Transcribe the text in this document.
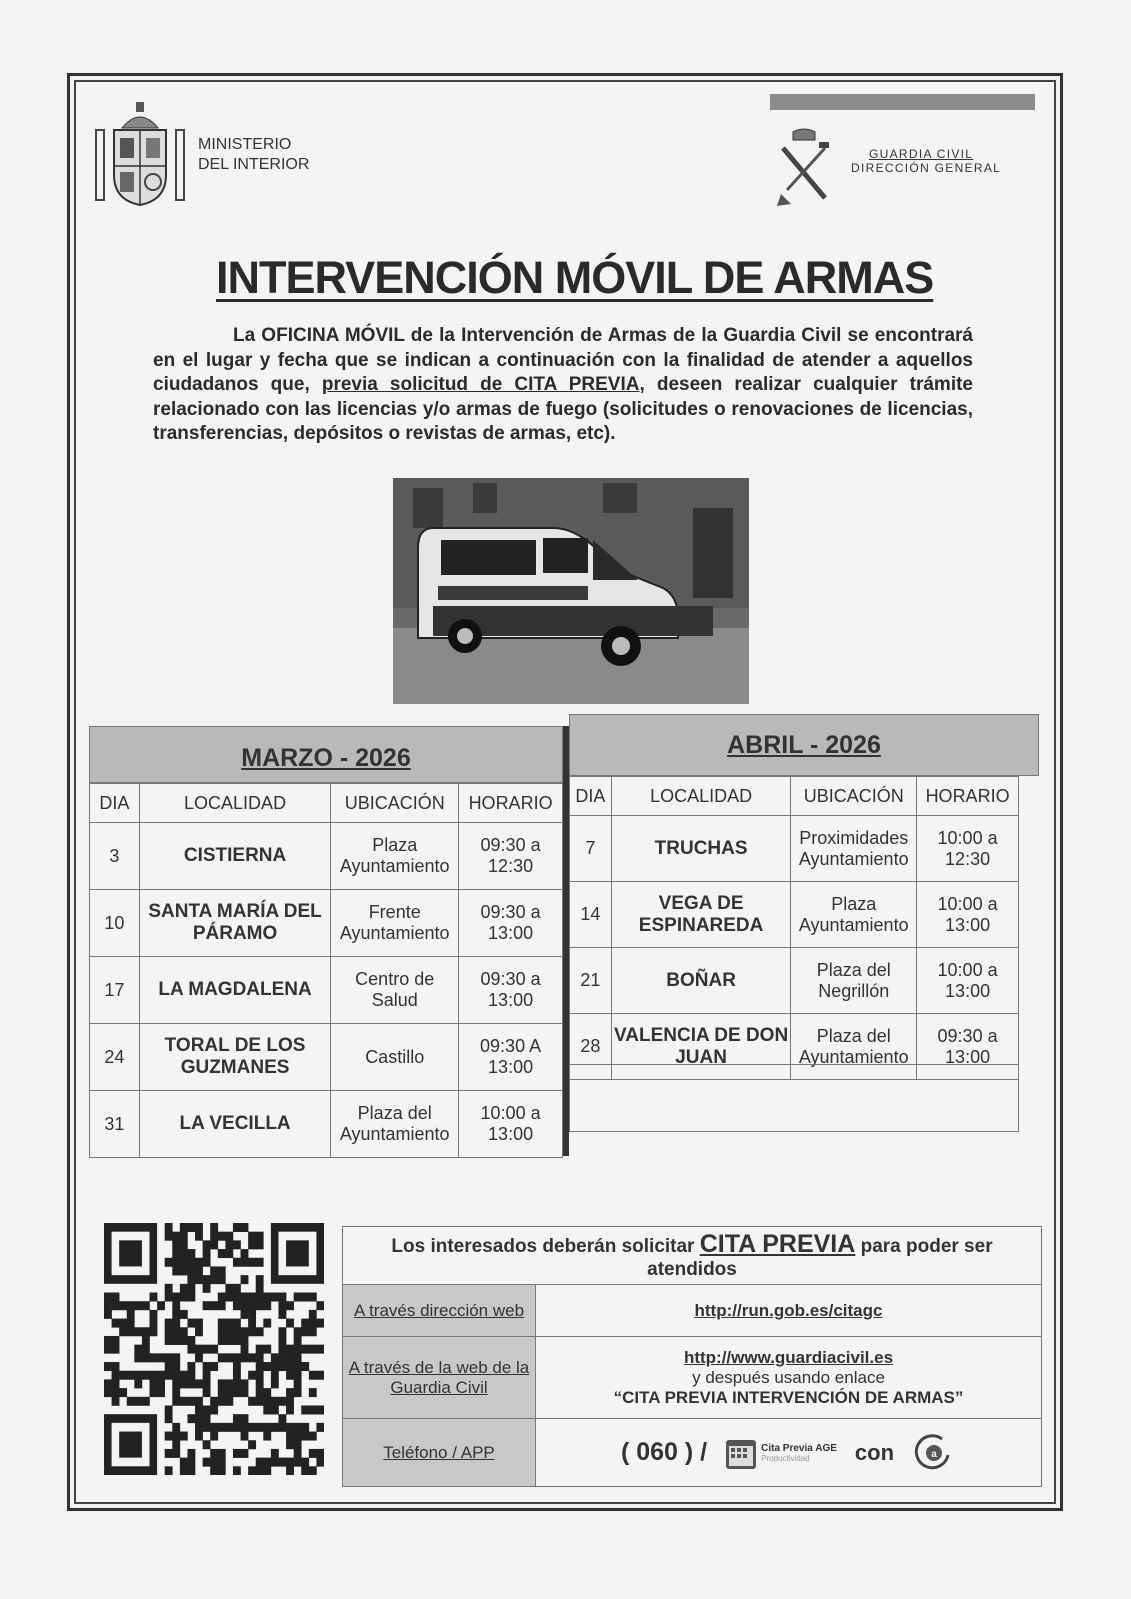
MINISTERIO
DEL INTERIOR
GUARDIA CIVIL
DIRECCIÓN GENERAL
INTERVENCIÓN MÓVIL DE ARMAS
La OFICINA MÓVIL de la Intervención de Armas de la Guardia Civil se encontrará en el lugar y fecha que se indican a continuación con la finalidad de atender a aquellos ciudadanos que, previa solicitud de CITA PREVIA, deseen realizar cualquier trámite relacionado con las licencias y/o armas de fuego (solicitudes o renovaciones de licencias, transferencias, depósitos o revistas de armas, etc).
MARZO - 2026	ABRIL - 2026
DIA	LOCALIDAD	UBICACIÓN	HORARIO
3	CISTIERNA	Plaza Ayuntamiento	09:30 a 12:30
10	SANTA MARÍA DEL PÁRAMO	Frente Ayuntamiento	09:30 a 13:00
17	LA MAGDALENA	Centro de Salud	09:30 a 13:00
24	TORAL DE LOS GUZMANES	Castillo	09:30 A 13:00
31	LA VECILLA	Plaza del Ayuntamiento	10:00 a 13:00
DIA	LOCALIDAD	UBICACIÓN	HORARIO
7	TRUCHAS	Proximidades Ayuntamiento	10:00 a 12:30
14	VEGA DE ESPINAREDA	Plaza Ayuntamiento	10:00 a 13:00
21	BOÑAR	Plaza del Negrillón	10:00 a 13:00
28	VALENCIA DE DON JUAN	Plaza del Ayuntamiento	09:30 a 13:00
Los interesados deberán solicitar CITA PREVIA para poder ser atendidos	
A través dirección web	http://run.gob.es/citagc
A través de la web de la Guardia Civil	http://www.guardiacivil.es
y después usando enlace
“CITA PREVIA INTERVENCIÓN DE ARMAS”
Teléfono / APP	( 060 ) / Cita Previa AGE
Productividad con a
